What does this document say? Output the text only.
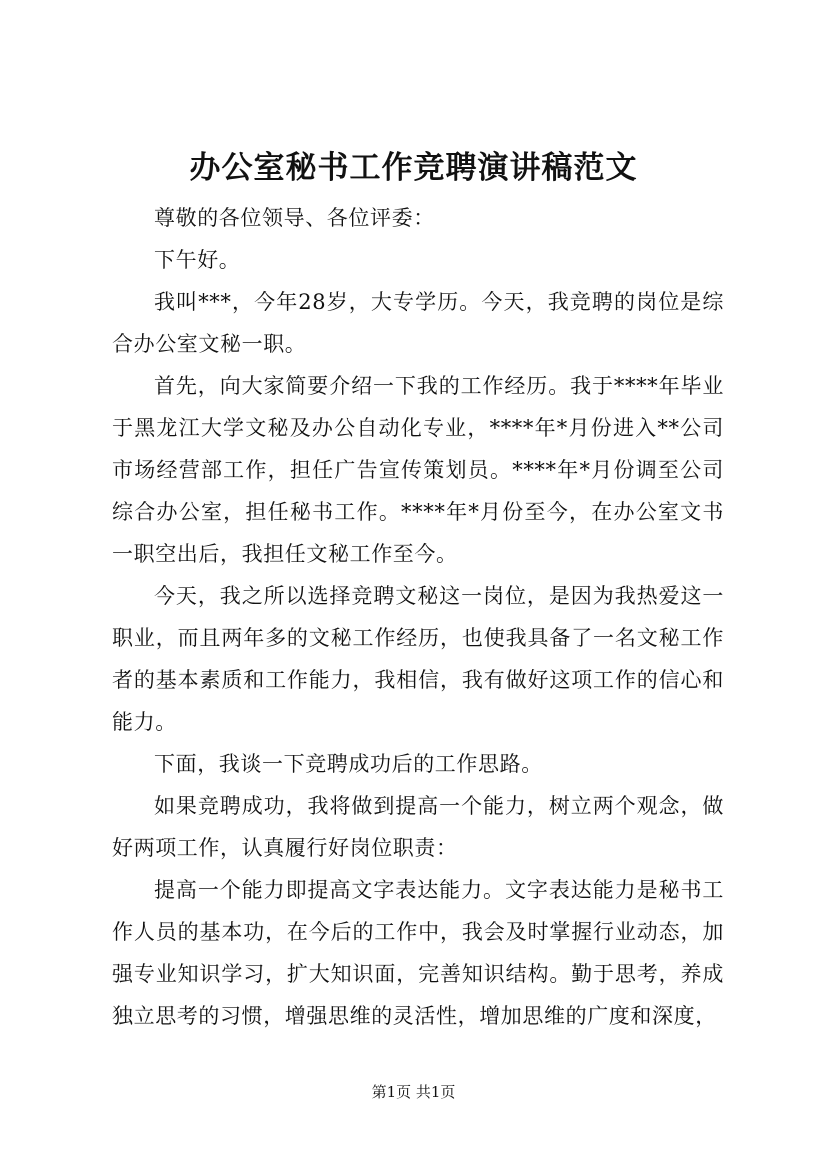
办公室秘书工作竞聘演讲稿范文

尊敬的各位领导、各位评委：

下午好。

我叫***，今年28岁，大专学历。今天，我竞聘的岗位是综合办公室文秘一职。

首先，向大家简要介绍一下我的工作经历。我于****年毕业于黑龙江大学文秘及办公自动化专业，****年*月份进入**公司市场经营部工作，担任广告宣传策划员。****年*月份调至公司综合办公室，担任秘书工作。****年*月份至今，在办公室文书一职空出后，我担任文秘工作至今。

今天，我之所以选择竞聘文秘这一岗位，是因为我热爱这一职业，而且两年多的文秘工作经历，也使我具备了一名文秘工作者的基本素质和工作能力，我相信，我有做好这项工作的信心和能力。

下面，我谈一下竞聘成功后的工作思路。

如果竞聘成功，我将做到提高一个能力，树立两个观念，做好两项工作，认真履行好岗位职责：

提高一个能力即提高文字表达能力。文字表达能力是秘书工作人员的基本功，在今后的工作中，我会及时掌握行业动态，加强专业知识学习，扩大知识面，完善知识结构。勤于思考，养成独立思考的习惯，增强思维的灵活性，增加思维的广度和深度，

第1页 共1页
